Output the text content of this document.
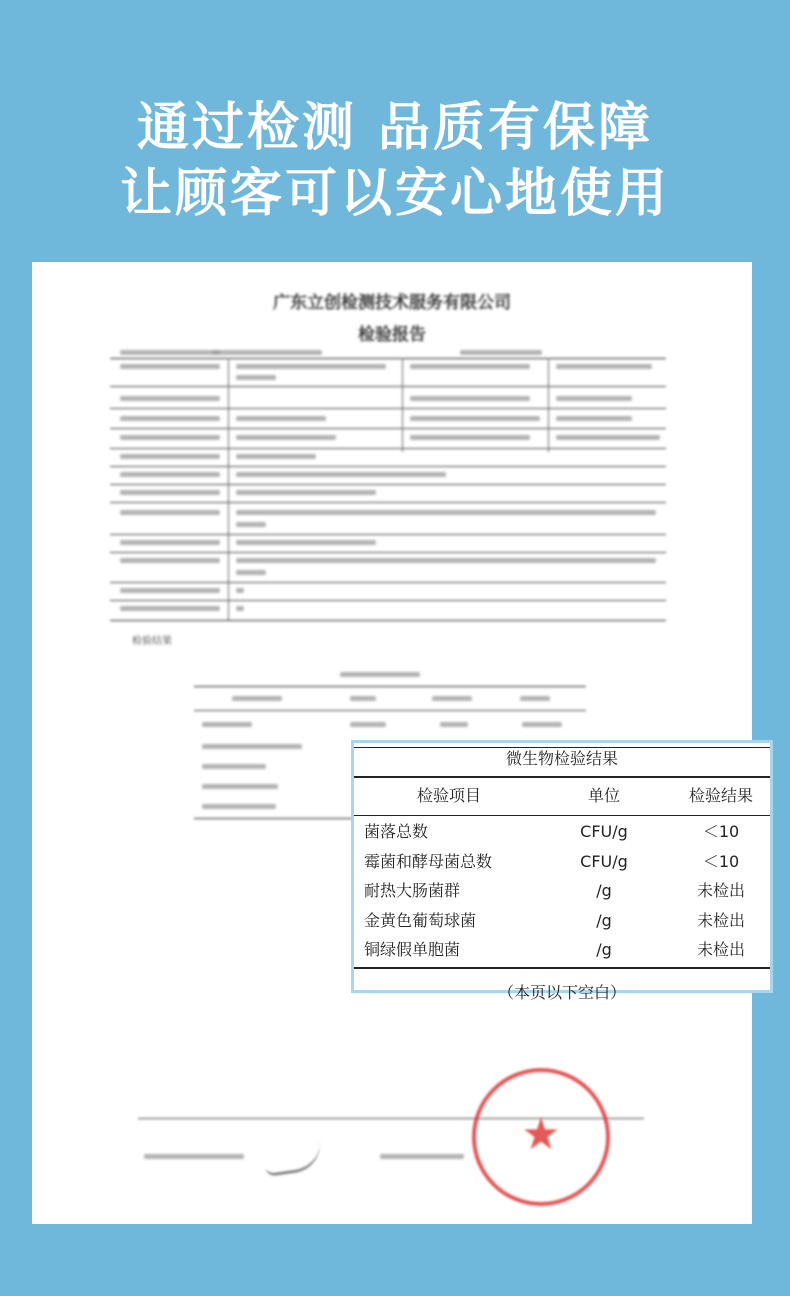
通过检测 品质有保障
让顾客可以安心地使用
广东立创检测技术服务有限公司
检验报告
检验结果
★
微生物检验结果
检验项目	单位	检验结果
菌落总数	CFU/g	＜10
霉菌和酵母菌总数	CFU/g	＜10
耐热大肠菌群	/g	未检出
金黄色葡萄球菌	/g	未检出
铜绿假单胞菌	/g	未检出
（本页以下空白）
